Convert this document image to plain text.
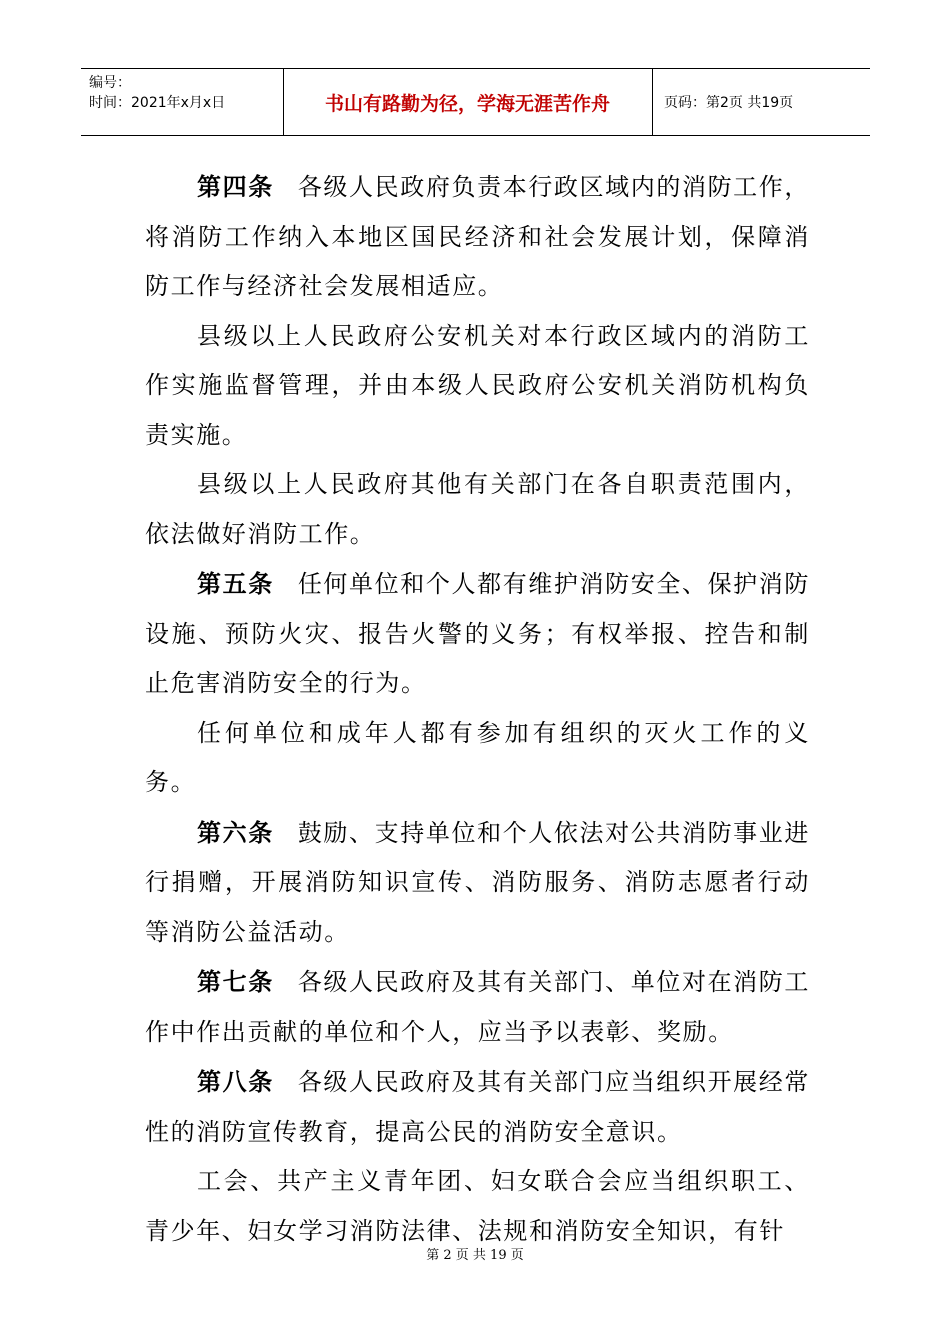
编号：
时间：2021年x月x日	书山有路勤为径，学海无涯苦作舟	页码：第2页 共19页

第四条 各级人民政府负责本行政区域内的消防工作，将消防工作纳入本地区国民经济和社会发展计划，保障消防工作与经济社会发展相适应。

县级以上人民政府公安机关对本行政区域内的消防工作实施监督管理，并由本级人民政府公安机关消防机构负责实施。

县级以上人民政府其他有关部门在各自职责范围内，依法做好消防工作。

第五条 任何单位和个人都有维护消防安全、保护消防设施、预防火灾、报告火警的义务；有权举报、控告和制止危害消防安全的行为。

任何单位和成年人都有参加有组织的灭火工作的义务。

第六条 鼓励、支持单位和个人依法对公共消防事业进行捐赠，开展消防知识宣传、消防服务、消防志愿者行动等消防公益活动。

第七条 各级人民政府及其有关部门、单位对在消防工作中作出贡献的单位和个人，应当予以表彰、奖励。

第八条 各级人民政府及其有关部门应当组织开展经常性的消防宣传教育，提高公民的消防安全意识。

工会、共产主义青年团、妇女联合会应当组织职工、青少年、妇女学习消防法律、法规和消防安全知识，有针

第 2 页 共 19 页
